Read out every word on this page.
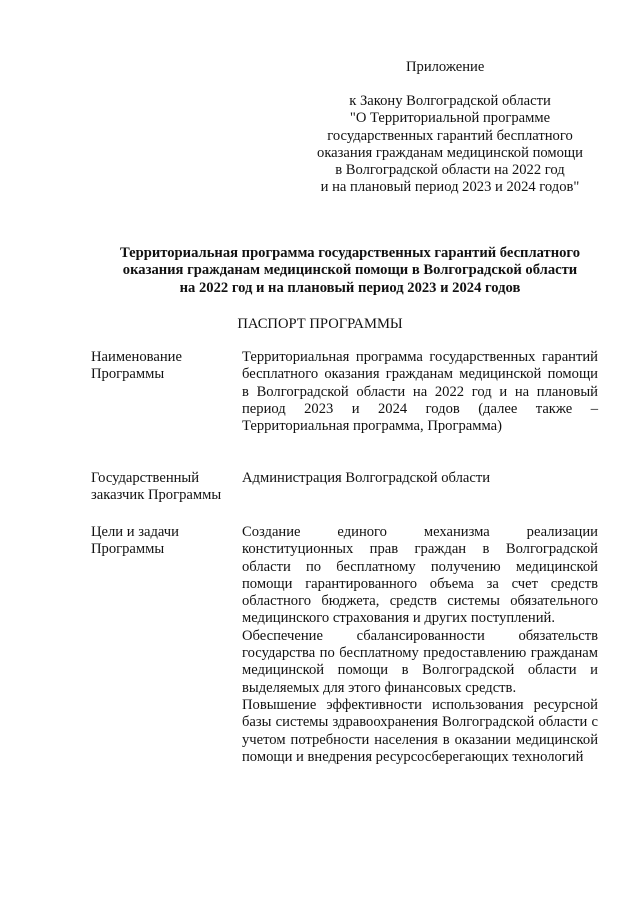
Приложение
к Закону Волгоградской области
"О Территориальной программе
государственных гарантий бесплатного
оказания гражданам медицинской помощи
в Волгоградской области на 2022 год
и на плановый период 2023 и 2024 годов"
Территориальная программа государственных гарантий бесплатного
оказания гражданам медицинской помощи в Волгоградской области
на 2022 год и на плановый период 2023 и 2024 годов
ПАСПОРТ ПРОГРАММЫ
Наименование
Программы

Территориальная программа государственных гарантий бесплатного оказания гражданам медицинской помощи в Волгоградской области на 2022 год и на плановый период 2023 и 2024 годов (далее также – Территориальная программа, Программа)

Государственный
заказчик Программы

Администрация Волгоградской области

Цели и задачи
Программы

Создание единого механизма реализации конституционных прав граждан в Волгоградской области по бесплатному получению медицинской помощи гарантированного объема за счет средств областного бюджета, средств системы обязательного медицинского страхования и других поступлений.

Обеспечение сбалансированности обязательств государства по бесплатному предоставлению гражданам медицинской помощи в Волгоградской области и выделяемых для этого финансовых средств.

Повышение эффективности использования ресурсной базы системы здравоохранения Волгоградской области с учетом потребности населения в оказании медицинской помощи и внедрения ресурсосберегающих технологий
